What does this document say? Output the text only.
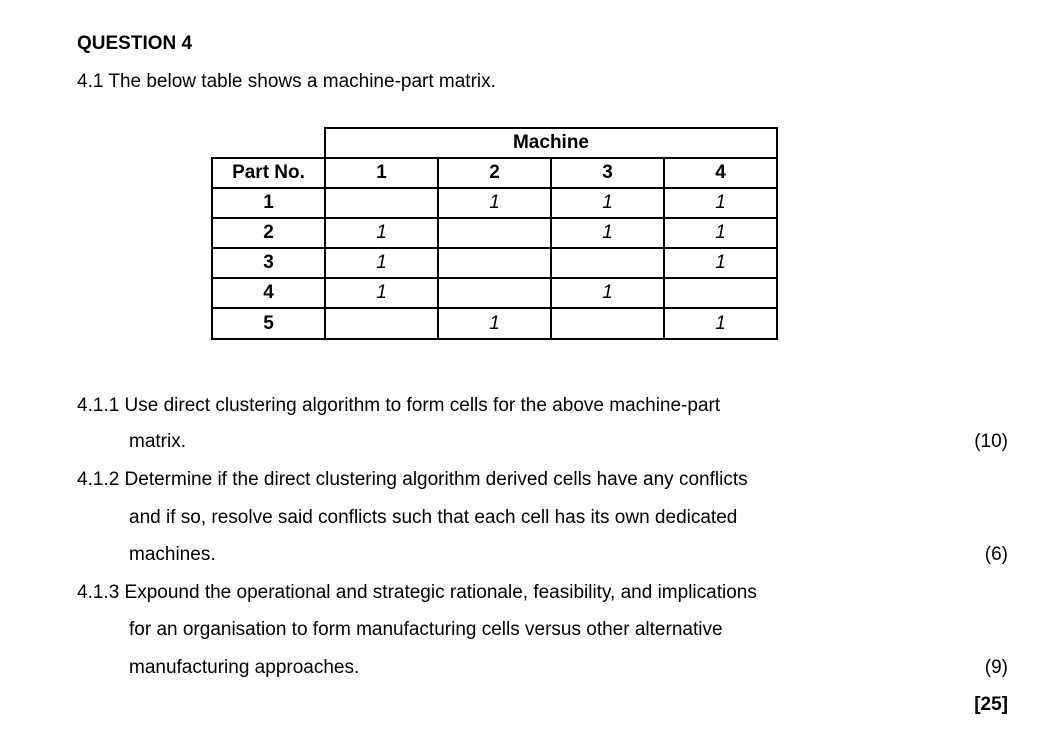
QUESTION 4
4.1 The below table shows a machine-part matrix.
	Machine			
Part No.	1	2	3	4
1		1	1	1
2	1		1	1
3	1			1
4	1		1	
5		1		1
4.1.1 Use direct clustering algorithm to form cells for the above machine-part
matrix.	(10)
4.1.2 Determine if the direct clustering algorithm derived cells have any conflicts
and if so, resolve said conflicts such that each cell has its own dedicated
machines.	(6)
4.1.3 Expound the operational and strategic rationale, feasibility, and implications
for an organisation to form manufacturing cells versus other alternative
manufacturing approaches.	(9)
[25]
